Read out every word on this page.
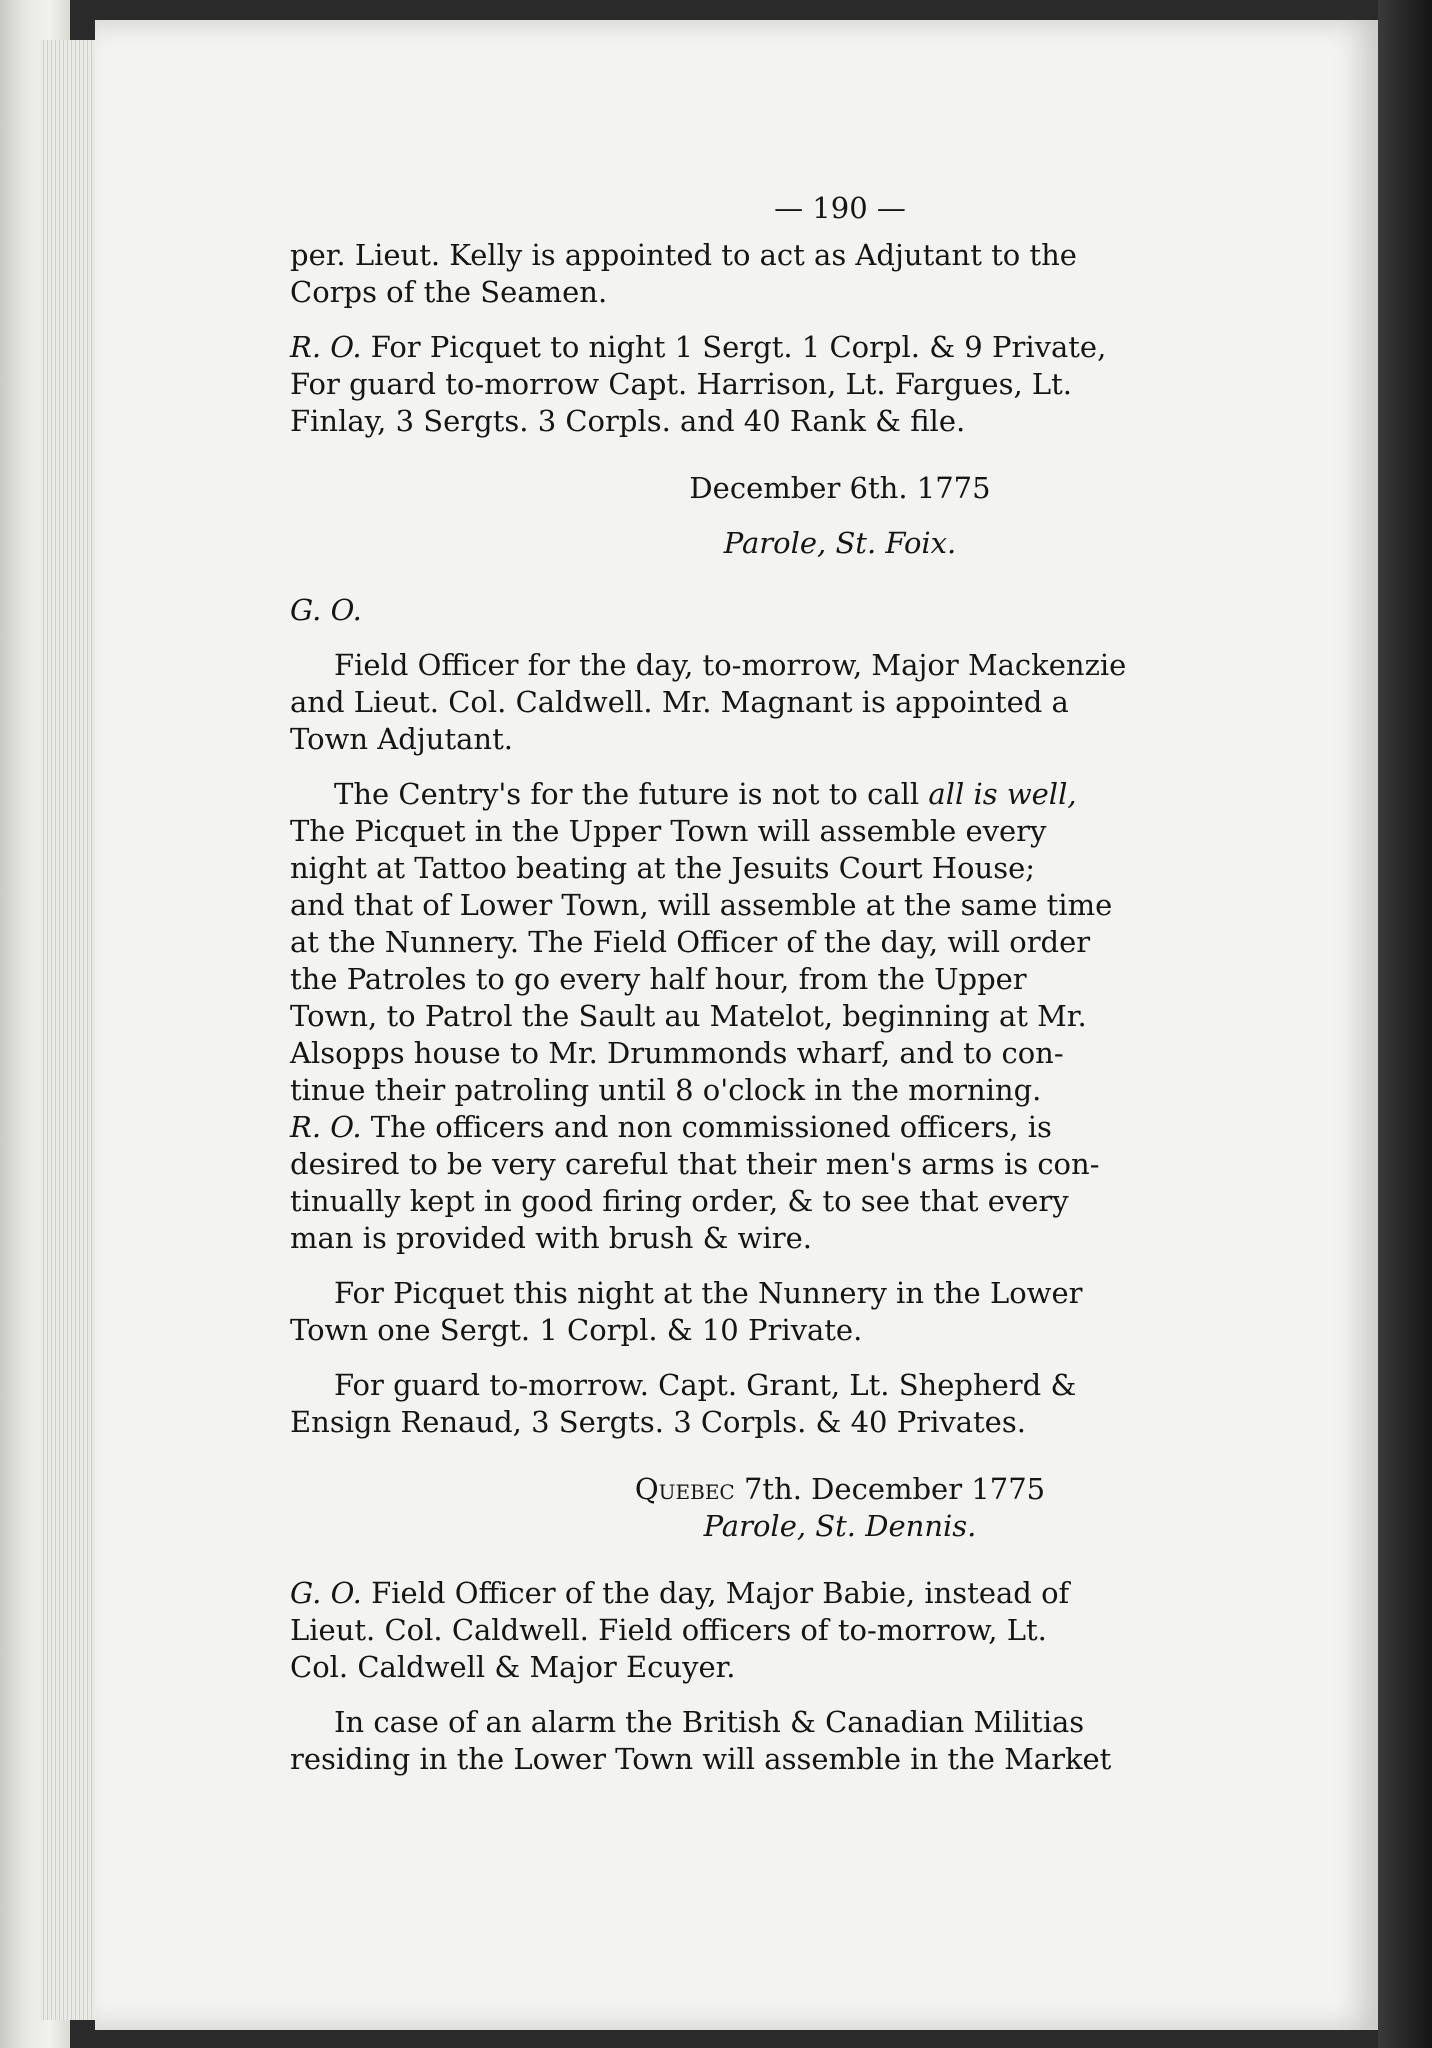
— 190 —
per. Lieut. Kelly is appointed to act as Adjutant to the
Corps of the Seamen.
R. O. For Picquet to night 1 Sergt. 1 Corpl. & 9 Private,
For guard to-morrow Capt. Harrison, Lt. Fargues, Lt.
Finlay, 3 Sergts. 3 Corpls. and 40 Rank & file.
December 6th. 1775
Parole, St. Foix.
G. O.
Field Officer for the day, to-morrow, Major Mackenzie
and Lieut. Col. Caldwell. Mr. Magnant is appointed a
Town Adjutant.
The Centry's for the future is not to call all is well,
The Picquet in the Upper Town will assemble every
night at Tattoo beating at the Jesuits Court House;
and that of Lower Town, will assemble at the same time
at the Nunnery. The Field Officer of the day, will order
the Patroles to go every half hour, from the Upper
Town, to Patrol the Sault au Matelot, beginning at Mr.
Alsopps house to Mr. Drummonds wharf, and to con-
tinue their patroling until 8 o'clock in the morning.
R. O. The officers and non commissioned officers, is
desired to be very careful that their men's arms is con-
tinually kept in good firing order, & to see that every
man is provided with brush & wire.
For Picquet this night at the Nunnery in the Lower
Town one Sergt. 1 Corpl. & 10 Private.
For guard to-morrow. Capt. Grant, Lt. Shepherd &
Ensign Renaud, 3 Sergts. 3 Corpls. & 40 Privates.
Quebec 7th. December 1775
Parole, St. Dennis.
G. O. Field Officer of the day, Major Babie, instead of
Lieut. Col. Caldwell. Field officers of to-morrow, Lt.
Col. Caldwell & Major Ecuyer.
In case of an alarm the British & Canadian Militias
residing in the Lower Town will assemble in the Market
